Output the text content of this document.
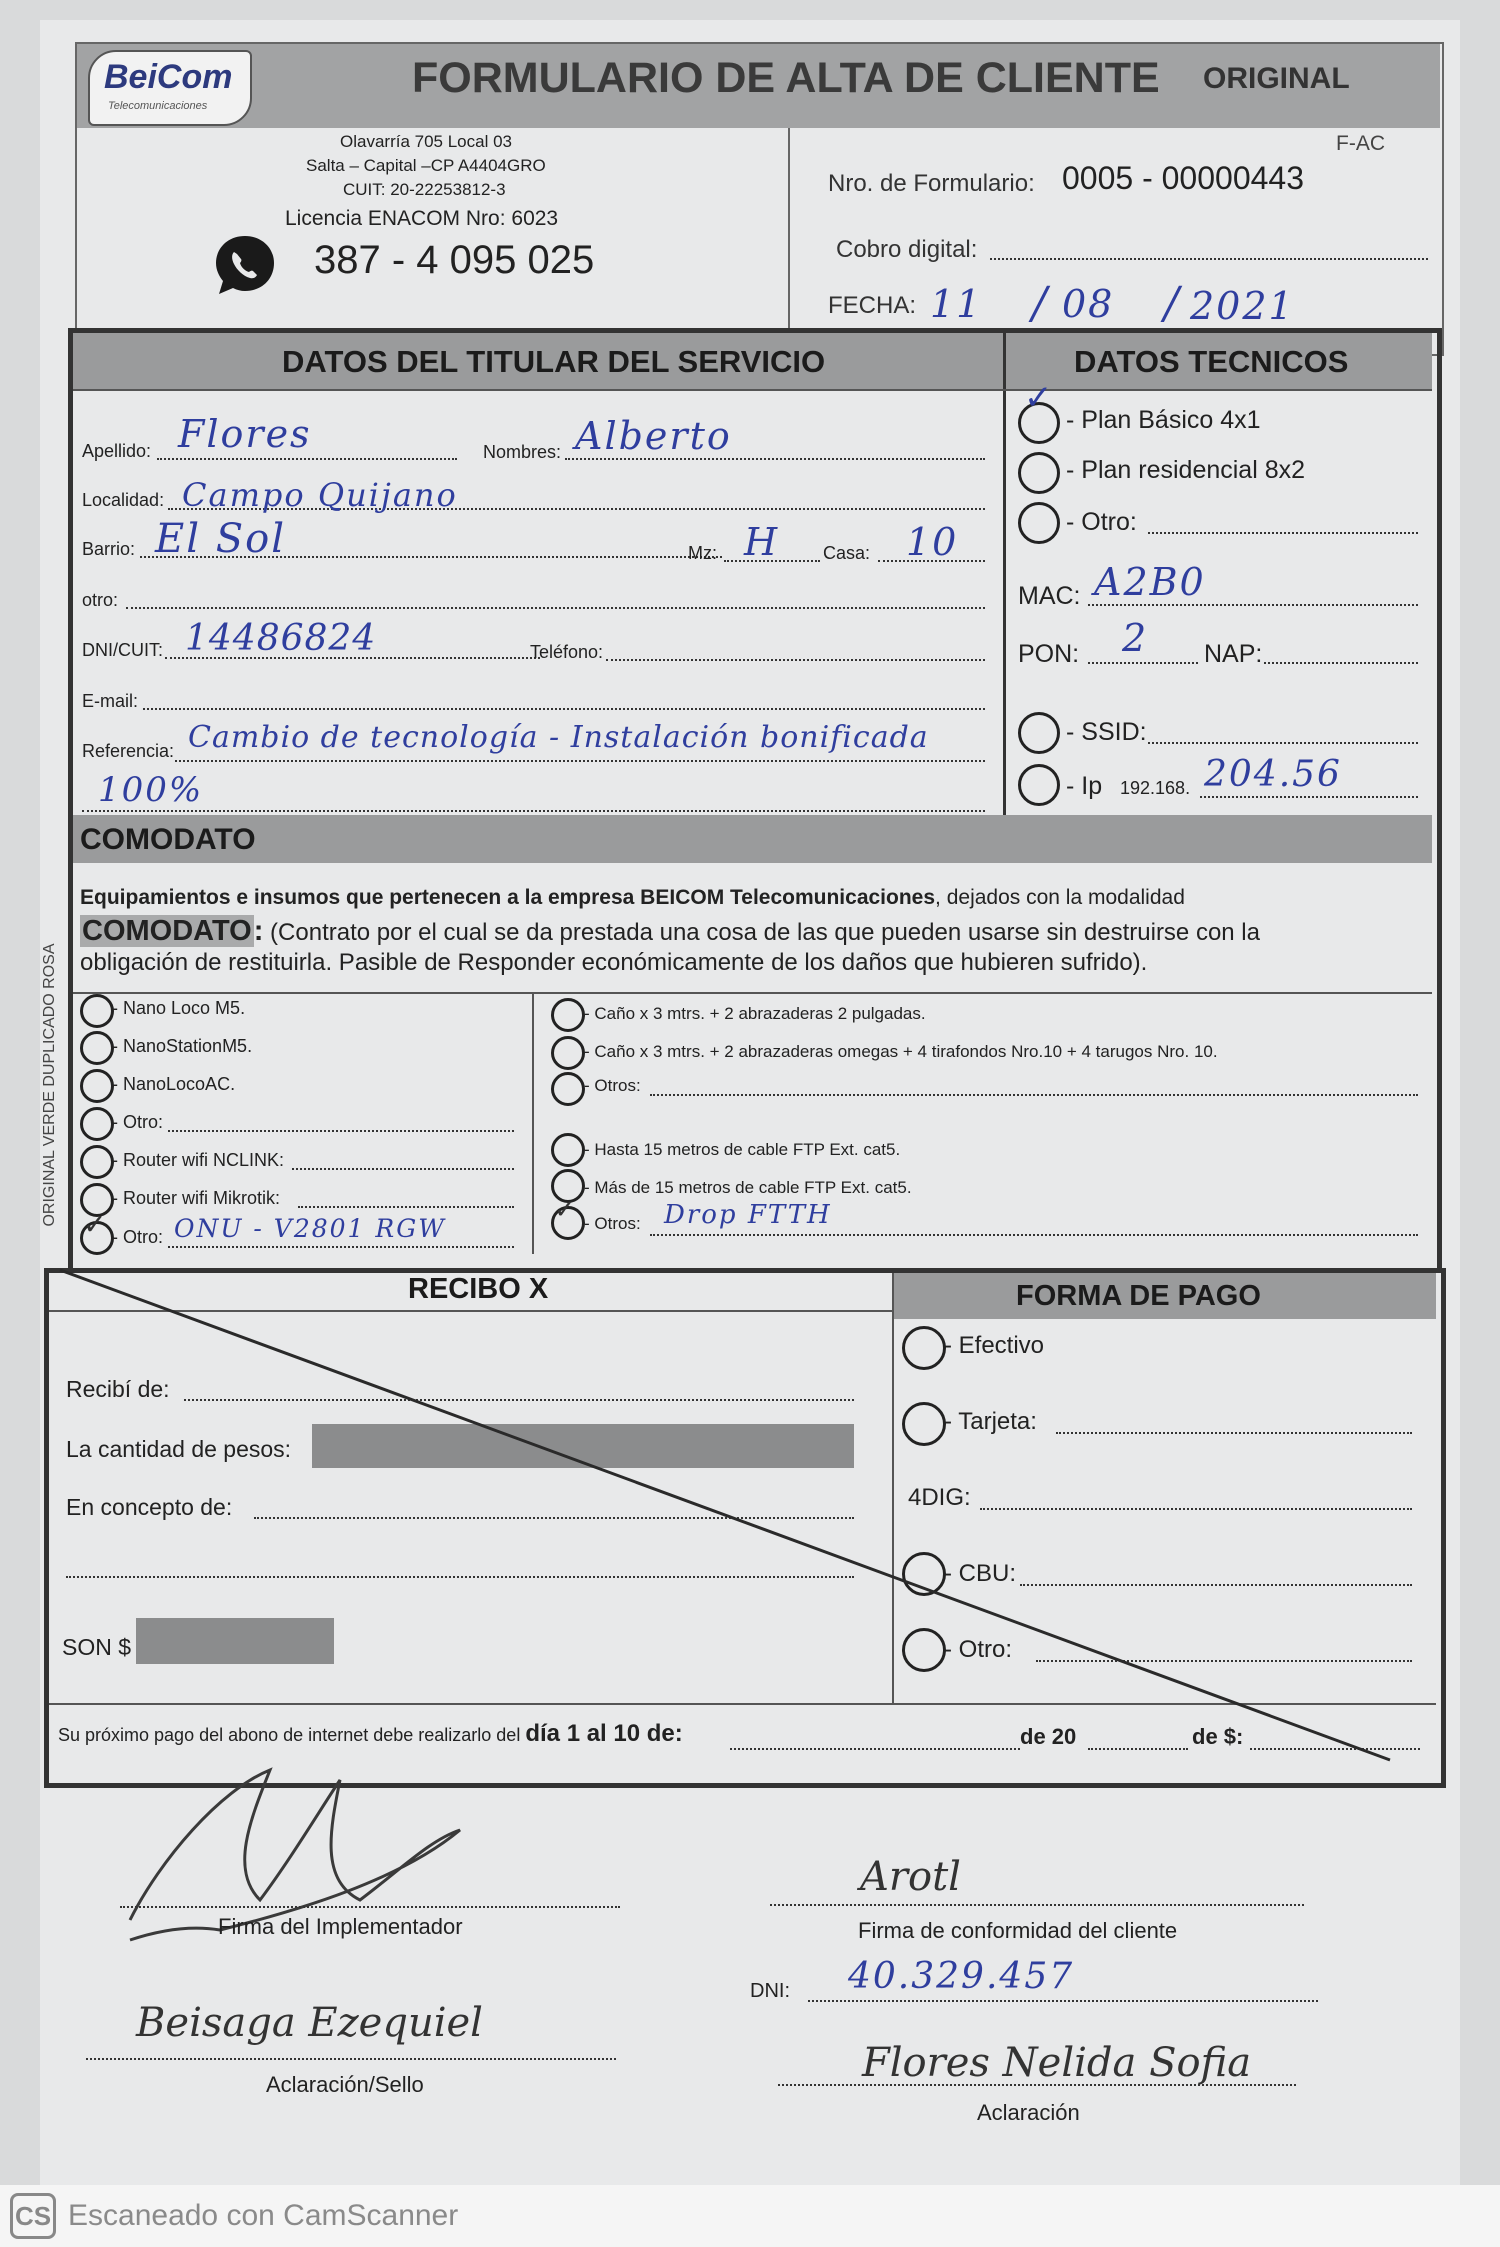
BeiCom
Telecomunicaciones
FORMULARIO DE ALTA DE CLIENTE ORIGINAL
Olavarría 705 Local 03
Salta – Capital –CP A4404GRO
CUIT: 20-22253812-3
Licencia ENACOM Nro: 6023
387 - 4 095 025
F-AC
Nro. de Formulario: 0005 - 00000443
Cobro digital:
FECHA: 11 / 08 / 2021
DATOS DEL TITULAR DEL SERVICIO	DATOS TECNICOS
Apellido: Flores	Nombres: Alberto
Localidad: Campo Quijano
Barrio: El Sol	Mz: H Casa: 10
otro:
DNI/CUIT: 14486824	Teléfono:
E-mail:
Referencia: Cambio de tecnología - Instalación bonificada
100%
✓
- Plan Básico 4x1
- Plan residencial 8x2
- Otro:
MAC: A2B0
PON: 2 NAP:
- SSID:
- Ip 192.168. 204.56
COMODATO
Equipamientos e insumos que pertenecen a la empresa BEICOM Telecomunicaciones, dejados con la modalidad
COMODATO: (Contrato por el cual se da prestada una cosa de las que pueden usarse sin destruirse con la
obligación de restituirla. Pasible de Responder económicamente de los daños que hubieren sufrido).
- Nano Loco M5.
- NanoStationM5.
- NanoLocoAC.
- Otro:
- Router wifi NCLINK:
- Router wifi Mikrotik:
✓ - Otro: ONU - V2801 RGW
- Caño x 3 mtrs. + 2 abrazaderas 2 pulgadas.
- Caño x 3 mtrs. + 2 abrazaderas omegas + 4 tirafondos Nro.10 + 4 tarugos Nro. 10.
- Otros:
- Hasta 15 metros de cable FTP Ext. cat5.
- Más de 15 metros de cable FTP Ext. cat5.
✓ - Otros: Drop FTTH
ORIGINAL VERDE DUPLICADO ROSA
RECIBO X	FORMA DE PAGO
Recibí de:
La cantidad de pesos:
En concepto de:
SON $
- Efectivo
- Tarjeta:
4DIG:
- CBU:
- Otro:
Su próximo pago del abono de internet debe realizarlo del día 1 al 10 de:	de 20	de $:
Firma del Implementador
Arotl
Firma de conformidad del cliente
DNI: 40.329.457
Beisaga Ezequiel
Aclaración/Sello	Flores Nelida Sofia
Aclaración
CS Escaneado con CamScanner
